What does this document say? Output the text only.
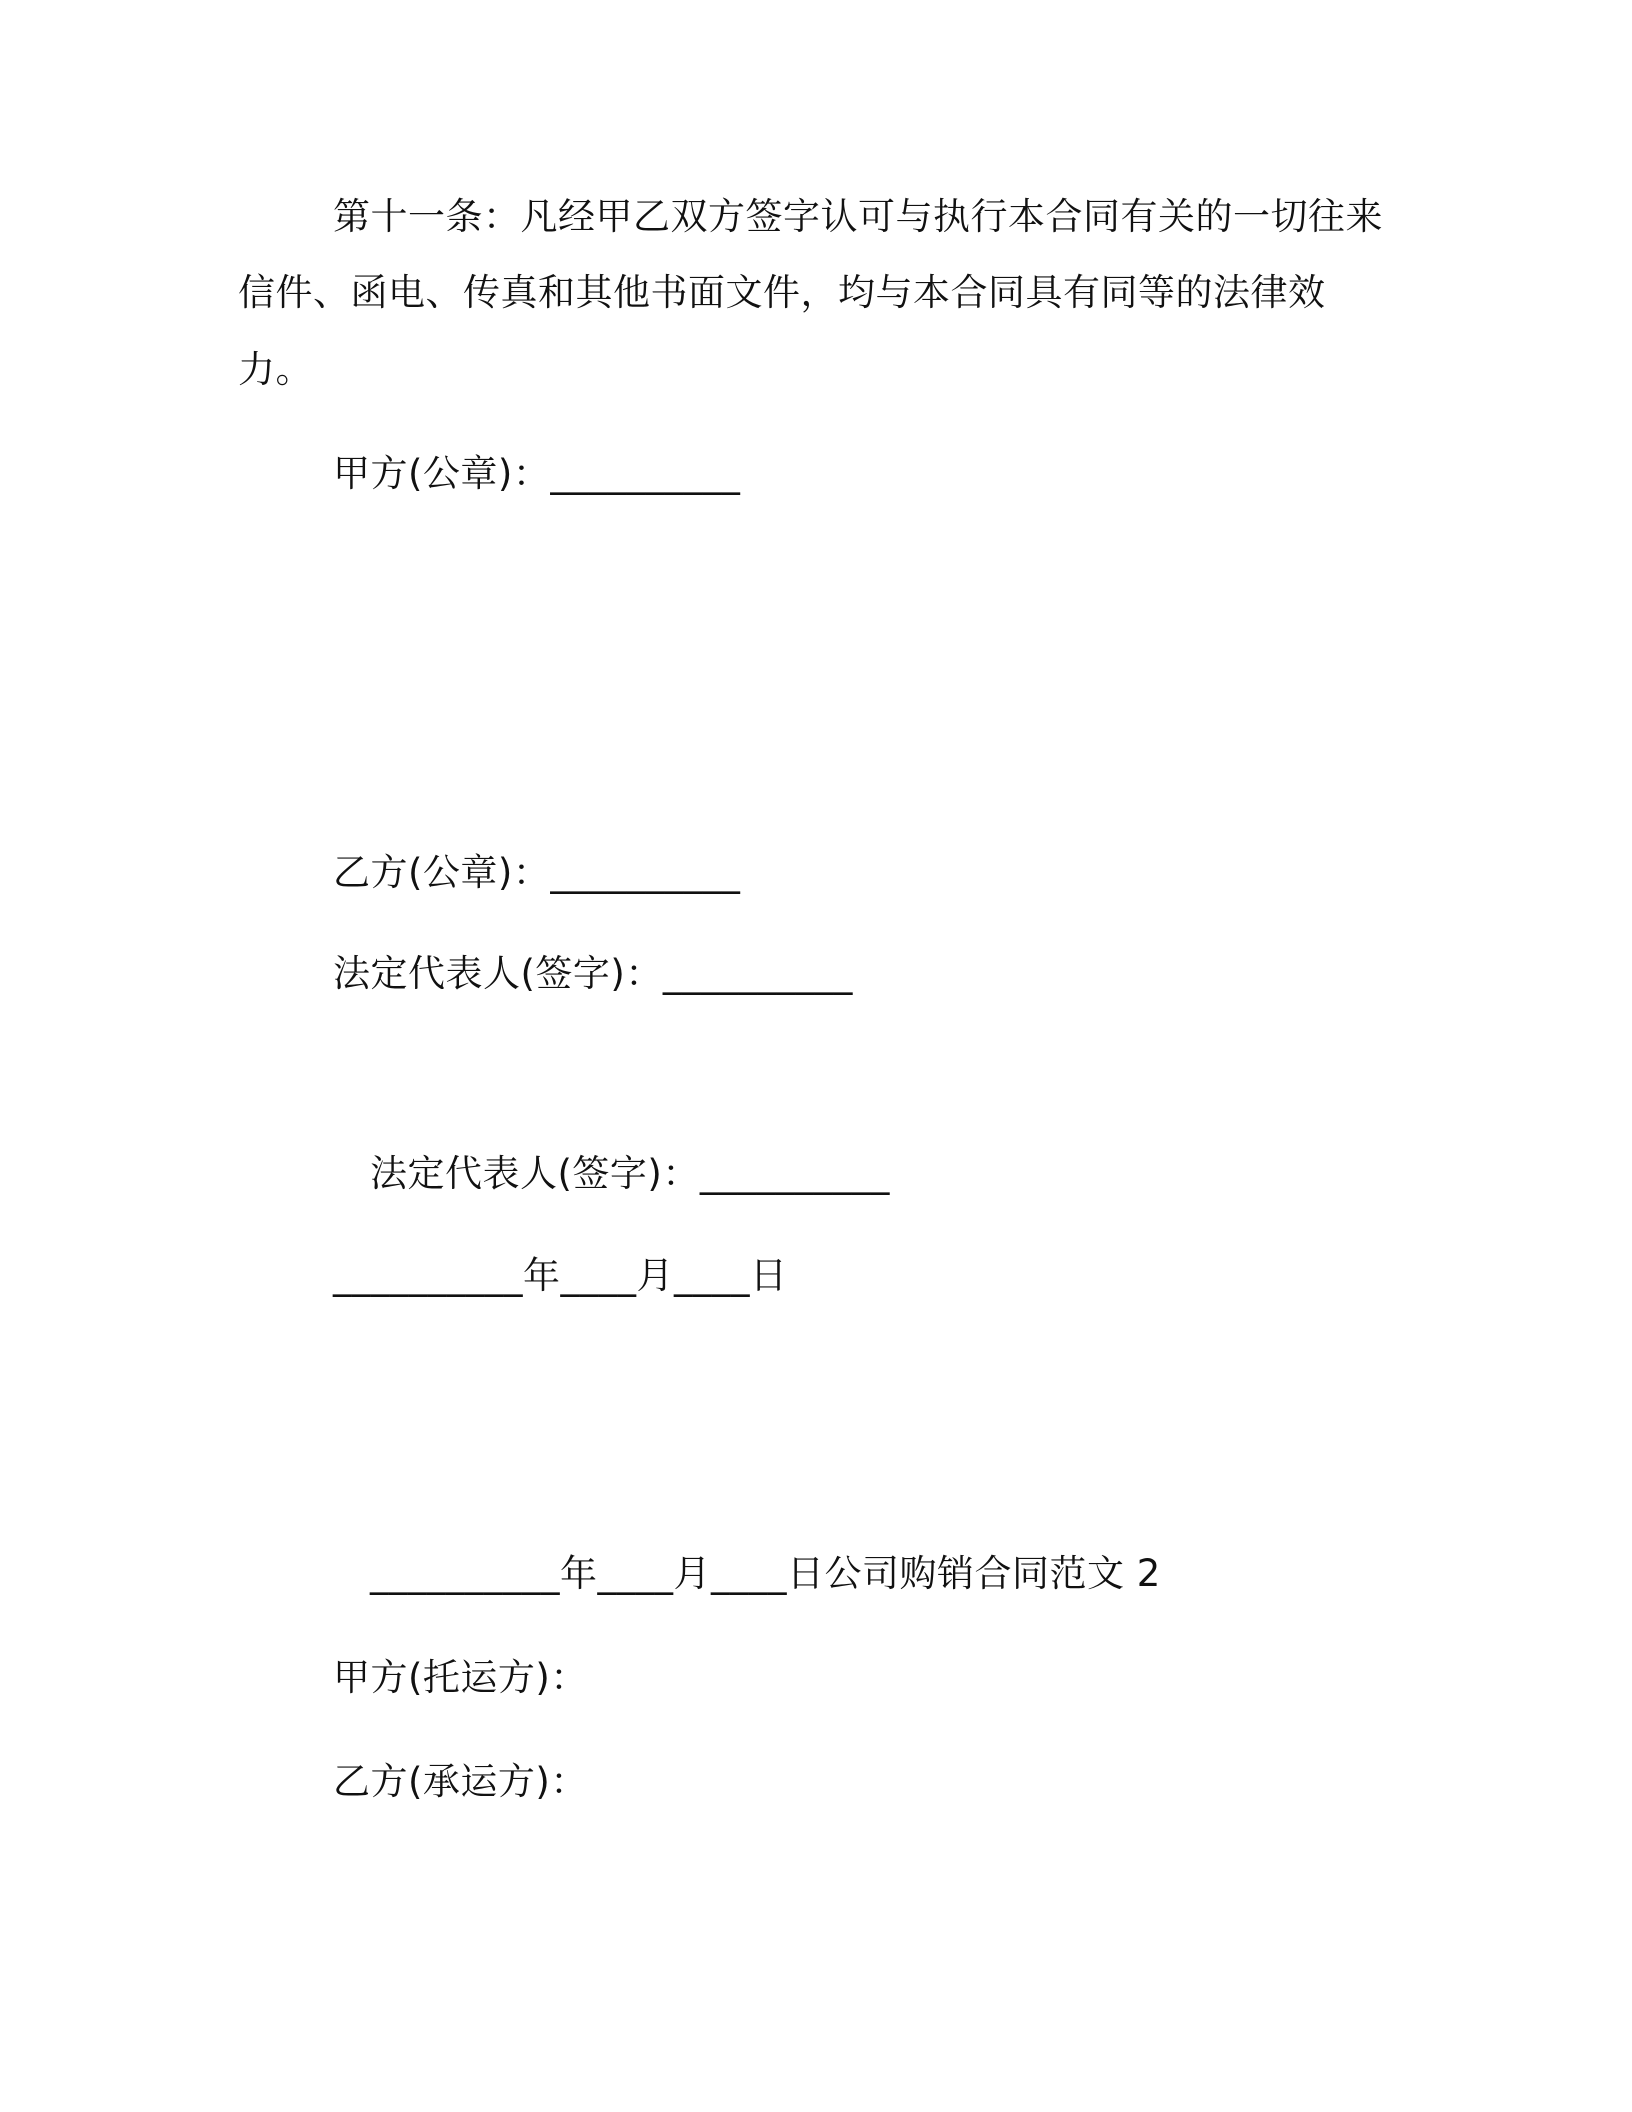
第十一条：凡经甲乙双方签字认可与执行本合同有关的一切往来
信件、函电、传真和其他书面文件，均与本合同具有同等的法律效
力。
甲方(公章)：__________
乙方(公章)：__________
法定代表人(签字)：__________
法定代表人(签字)：__________
__________年____月____日
__________年____月____日公司购销合同范文 2
甲方(托运方)：
乙方(承运方)：
